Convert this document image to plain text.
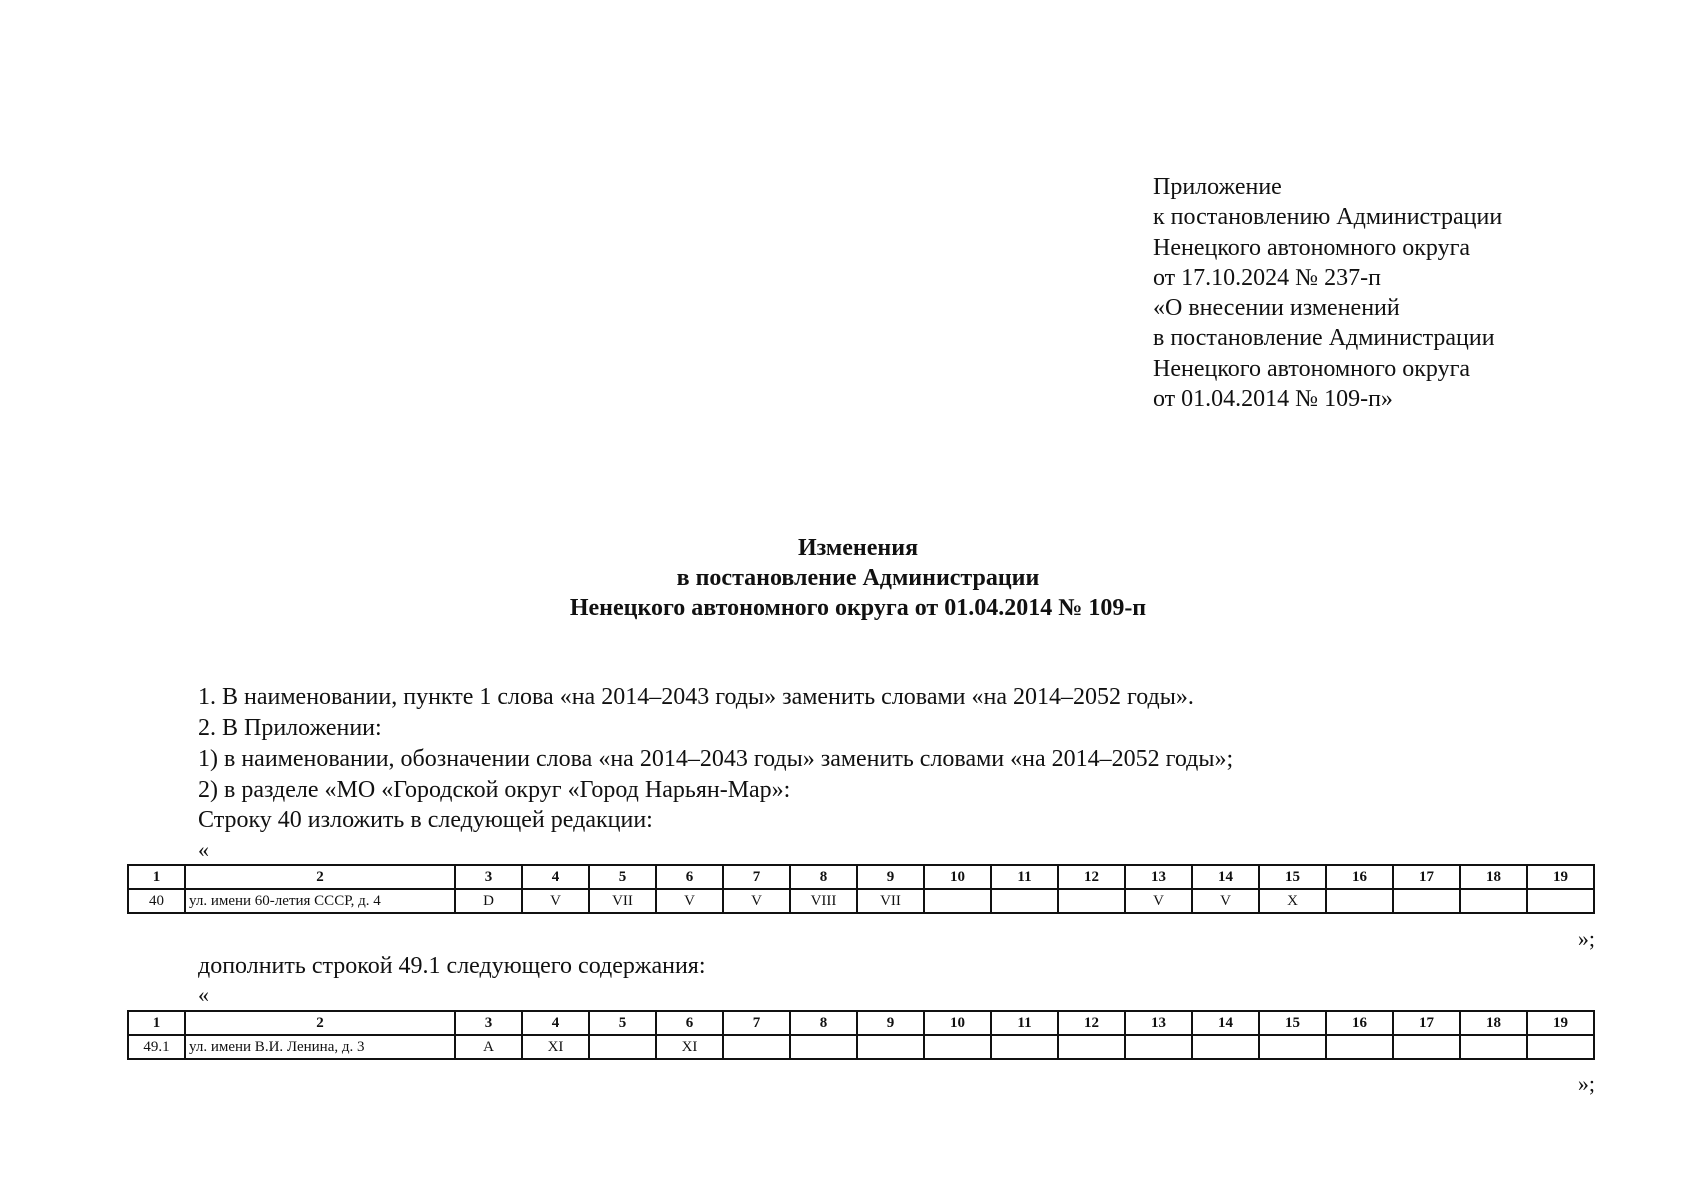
Приложение
к постановлению Администрации
Ненецкого автономного округа
от 17.10.2024 № 237-п
«О внесении изменений
в постановление Администрации
Ненецкого автономного округа
от 01.04.2014 № 109-п»
Изменения
в постановление Администрации
Ненецкого автономного округа от 01.04.2014 № 109-п
1. В наименовании, пункте 1 слова «на 2014–2043 годы» заменить словами «на 2014–2052 годы».
2. В Приложении:
1) в наименовании, обозначении слова «на 2014–2043 годы» заменить словами «на 2014–2052 годы»;
2) в разделе «МО «Городской округ «Город Нарьян-Мар»:
Строку 40 изложить в следующей редакции:
«
1	2	3	4	5	6	7	8	9	10	11	12	13	14	15	16	17	18	19
40	ул. имени 60-летия СССР, д. 4	D	V	VII	V	V	VIII	VII				V	V	X				
»;
дополнить строкой 49.1 следующего содержания:
«
1	2	3	4	5	6	7	8	9	10	11	12	13	14	15	16	17	18	19
49.1	ул. имени В.И. Ленина, д. 3	A	XI		XI													
»;
